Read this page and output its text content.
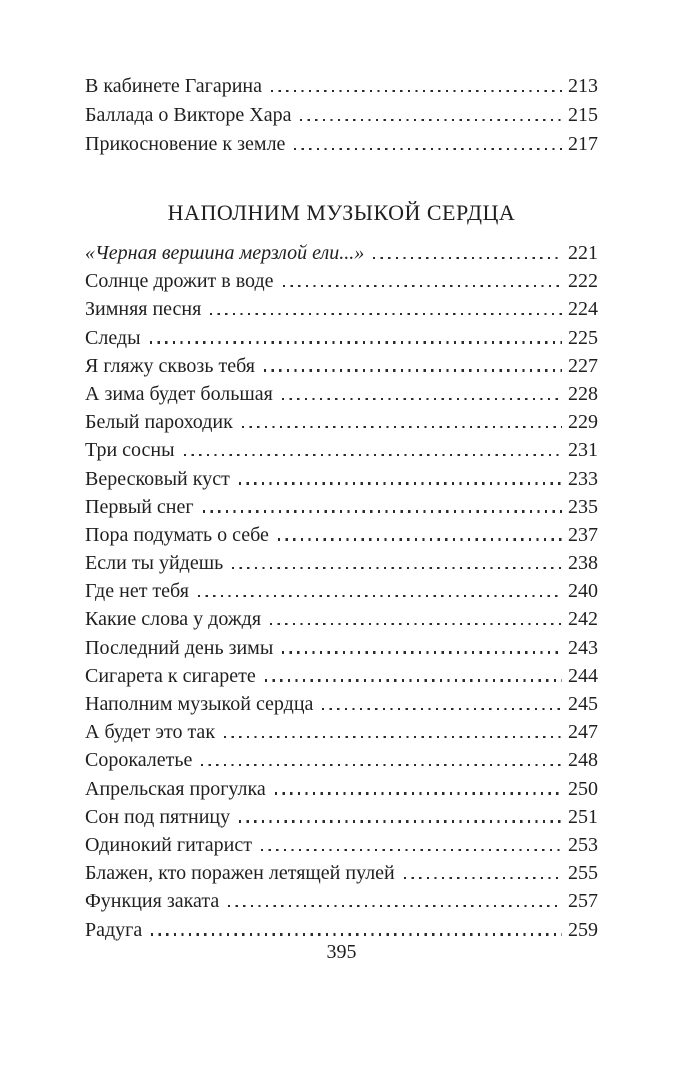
В кабинете Гагарина	213
Баллада о Викторе Хара	215
Прикосновение к земле	217
НАПОЛНИМ МУЗЫКОЙ СЕРДЦА
«Черная вершина мерзлой ели...»	221
Солнце дрожит в воде	222
Зимняя песня	224
Следы	225
Я гляжу сквозь тебя	227
А зима будет большая	228
Белый пароходик	229
Три сосны	231
Вересковый куст	233
Первый снег	235
Пора подумать о себе	237
Если ты уйдешь	238
Где нет тебя	240
Какие слова у дождя	242
Последний день зимы	243
Сигарета к сигарете	244
Наполним музыкой сердца	245
А будет это так	247
Сорокалетье	248
Апрельская прогулка	250
Сон под пятницу	251
Одинокий гитарист	253
Блажен, кто поражен летящей пулей	255
Функция заката	257
Радуга	259
395
